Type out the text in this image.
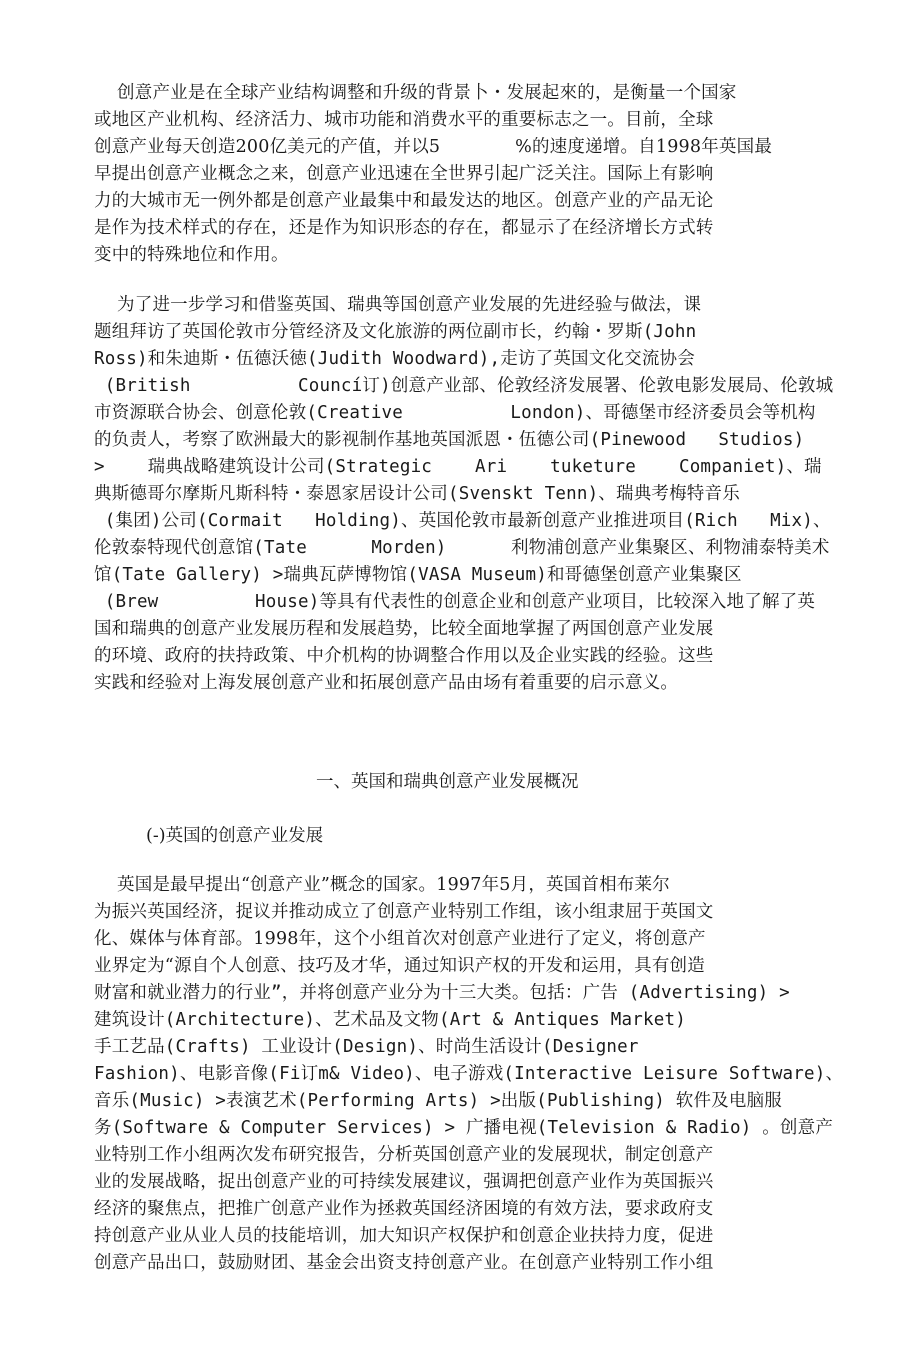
创意产业是在全球产业结构调整和升级的背景卜・发展起來的，是衡量一个国家
或地区产业机构、经济活力、城市功能和消费水平的重要标志之一。目前，全球
创意产业每天创造200亿美元的产值，并以5             %的速度递增。自1998年英国最
早提出创意产业概念之来，创意产业迅速在全世界引起广泛关注。国际上有影响
力的大城市无一例外都是创意产业最集中和最发达的地区。创意产业的产品无论
是作为技术样式的存在，还是作为知识形态的存在，都显示了在经济增长方式转
变中的特殊地位和作用。
为了进一步学习和借鉴英国、瑞典等国创意产业发展的先进经验与做法，课
题组拜访了英国伦敦市分管经济及文化旅游的两位副市长，约翰・罗斯(John
Ross)和朱迪斯・伍德沃徳(Judith Woodward),走访了英国文化交流协会
(British          Councí订)创意产业部、伦敦经济发展署、伦敦电影发展局、伦敦城
市资源联合协会、创意伦敦(Creative          London)、哥德堡市经济委员会等机构
的负责人，考察了欧洲最大的影视制作基地英国派恩・伍德公司(Pinewood   Studios)
>    瑞典战略建筑设计公司(Strategic    Ari    tuketure    Companiet)、瑞
典斯德哥尔摩斯凡斯科特・泰恩家居设计公司(Svenskt Tenn)、瑞典考梅特音乐
(集团)公司(Cormait   Holding)、英国伦敦市最新创意产业推进项目(Rich   Mix)、
伦敦泰特现代创意馆(Tate      Morden)      利物浦创意产业集聚区、利物浦泰特美术
馆(Tate Gallery) >瑞典瓦萨博物馆(VASA Museum)和哥德堡创意产业集聚区
(Brew         House)等具有代表性的创意企业和创意产业项目，比较深入地了解了英
国和瑞典的创意产业发展历程和发展趋势，比较全面地掌握了两国创意产业发展
的环境、政府的扶持政策、中介机构的协调整合作用以及企业实践的经验。这些
实践和经验对上海发展创意产业和拓展创意产品由场有着重要的启示意义。
一、英国和瑞典创意产业发展概况
(-)英国的创意产业发展
英国是最早提出“创意产业”概念的国家。1997年5月，英国首相布莱尔
为振兴英国经济，捉议并推动成立了创意产业特别工作组，该小组隶屈于英国文
化、媒体与体育部。1998年，这个小组首次对创意产业进行了定义，将创意产
业界定为“源自个人创意、技巧及才华，通过知识产权的开发和运用，具有创造
财富和就业潜力的行业”，并将创意产业分为十三大类。包括：广告 (Advertising) >
建筑设计(Architecture)、艺术品及文物(Art & Antiques Market)
手工艺品(Crafts) 工业设计(Design)、时尚生活设计(Designer
Fashion)、电影音像(Fi订m& Video)、电子游戏(Interactive Leisure Software)、
音乐(Music) >表演艺术(Performing Arts) >出版(Publishing) 软件及电脑服
务(Software & Computer Services) > 广播电视(Television & Radio) 。创意产
业特别工作小组两次发布研究报告，分析英国创意产业的发展现状，制定创意产
业的发展战略，捉出创意产业的可持续发展建议，强调把创意产业作为英国振兴
经济的聚焦点，把推广创意产业作为拯救英国经济困境的有效方法，要求政府支
持创意产业从业人员的技能培训，加大知识产权保护和创意企业扶持力度，促进
创意产品出口，鼓励财团、基金会出资支持创意产业。在创意产业特别工作小组
